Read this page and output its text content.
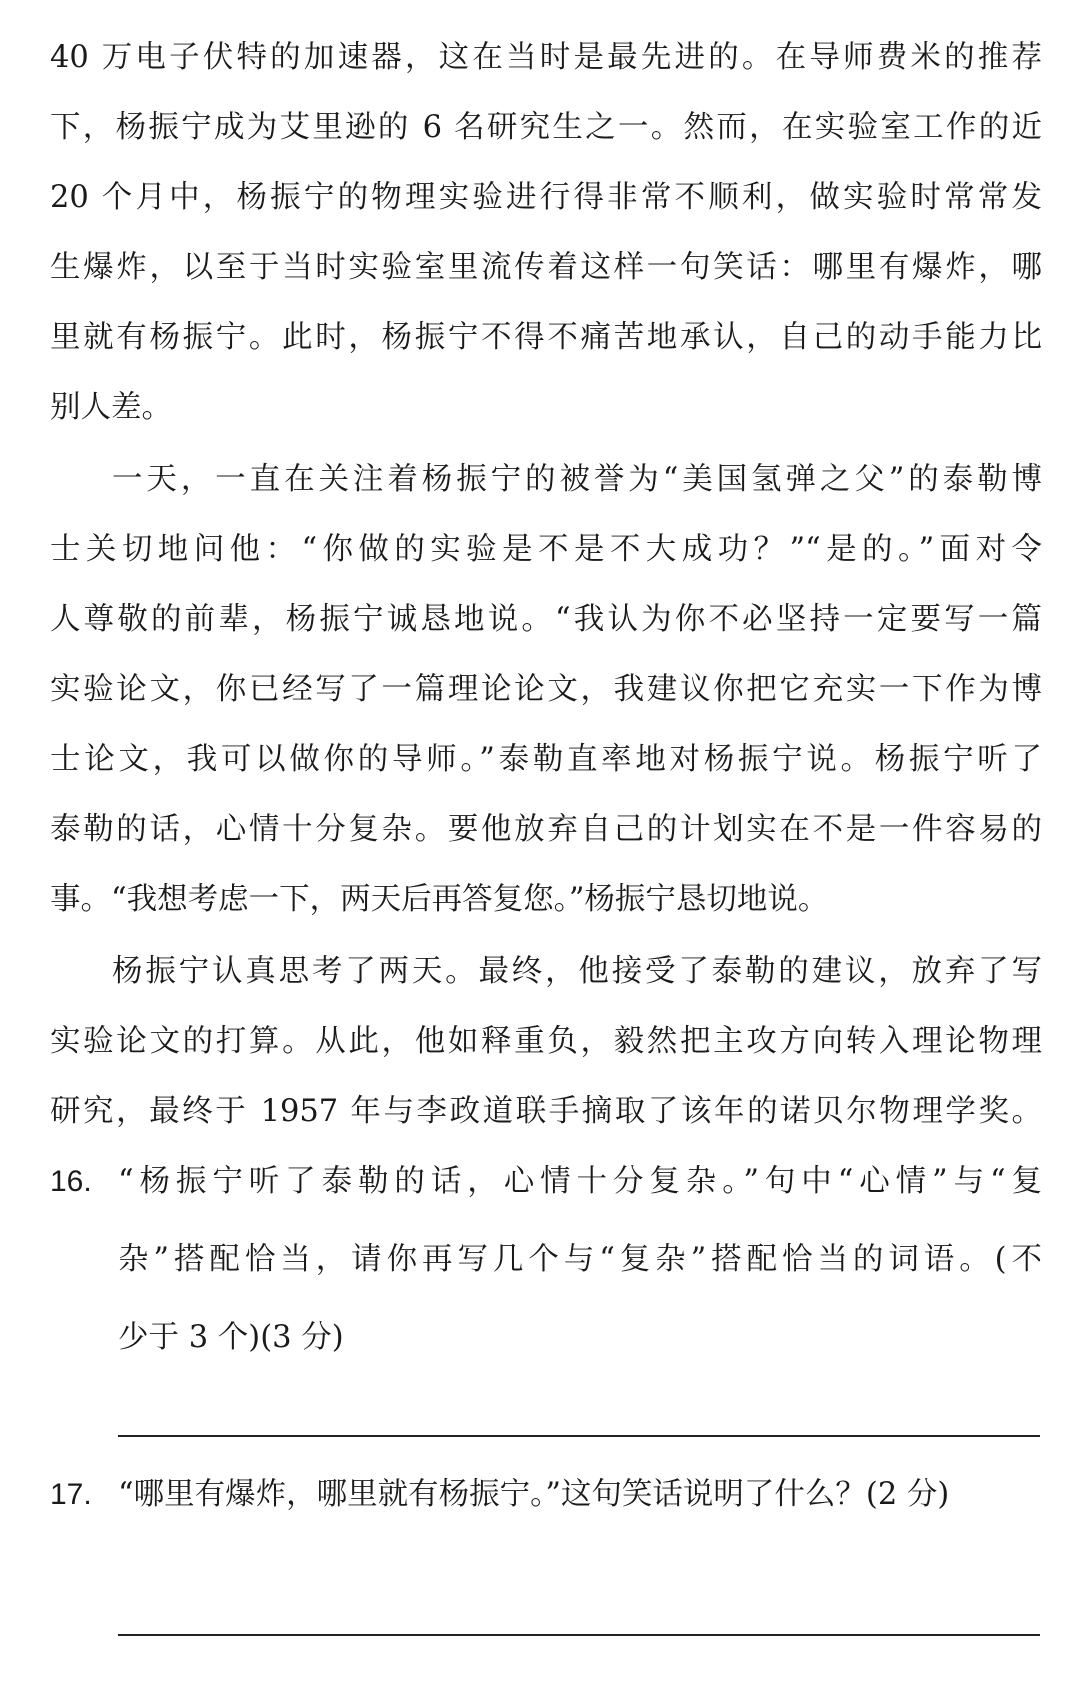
40 万电子伏特的加速器，这在当时是最先进的。在导师费米的推荐
下，杨振宁成为艾里逊的 6 名研究生之一。然而，在实验室工作的近
20 个月中，杨振宁的物理实验进行得非常不顺利，做实验时常常发
生爆炸，以至于当时实验室里流传着这样一句笑话：哪里有爆炸，哪
里就有杨振宁。此时，杨振宁不得不痛苦地承认，自己的动手能力比
别人差。
一天，一直在关注着杨振宁的被誉为“美国氢弹之父”的泰勒博
士关切地问他：“你做的实验是不是不大成功？”“是的。”面对令
人尊敬的前辈，杨振宁诚恳地说。“我认为你不必坚持一定要写一篇
实验论文，你已经写了一篇理论论文，我建议你把它充实一下作为博
士论文，我可以做你的导师。”泰勒直率地对杨振宁说。杨振宁听了
泰勒的话，心情十分复杂。要他放弃自己的计划实在不是一件容易的
事。“我想考虑一下，两天后再答复您。”杨振宁恳切地说。
杨振宁认真思考了两天。最终，他接受了泰勒的建议，放弃了写
实验论文的打算。从此，他如释重负，毅然把主攻方向转入理论物理
研究，最终于 1957 年与李政道联手摘取了该年的诺贝尔物理学奖。
16. “杨振宁听了泰勒的话，心情十分复杂。”句中“心情”与“复
杂”搭配恰当，请你再写几个与“复杂”搭配恰当的词语。(不
少于 3 个)(3 分)
17. “哪里有爆炸，哪里就有杨振宁。”这句笑话说明了什么？(2 分)
